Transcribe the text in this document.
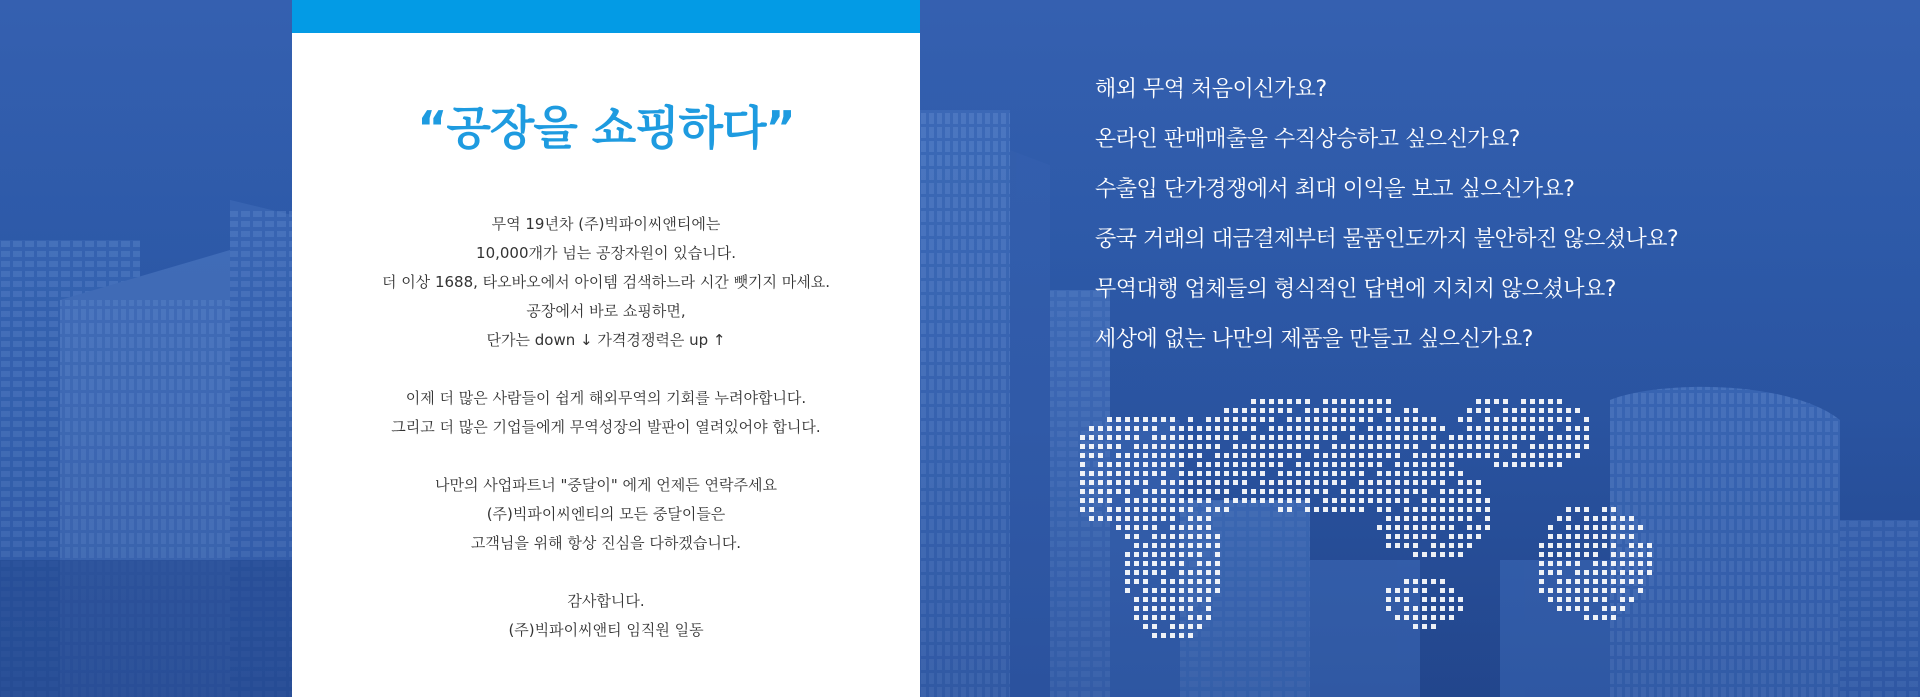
“공장을 쇼핑하다”
무역 19년차 (주)빅파이씨앤티에는
10,000개가 넘는 공장자원이 있습니다.
더 이상 1688, 타오바오에서 아이템 검색하느라 시간 뺏기지 마세요.
공장에서 바로 쇼핑하면,
단가는 down ↓ 가격경쟁력은 up ↑
이제 더 많은 사람들이 쉽게 해외무역의 기회를 누려야합니다.
그리고 더 많은 기업들에게 무역성장의 발판이 열려있어야 합니다.
나만의 사업파트너 "중달이" 에게 언제든 연락주세요
(주)빅파이씨엔티의 모든 중달이들은
고객님을 위해 항상 진심을 다하겠습니다.
감사합니다.
(주)빅파이씨앤티 임직원 일동
해외 무역 처음이신가요?
온라인 판매매출을 수직상승하고 싶으신가요?
수출입 단가경쟁에서 최대 이익을 보고 싶으신가요?
중국 거래의 대금결제부터 물품인도까지 불안하진 않으셨나요?
무역대행 업체들의 형식적인 답변에 지치지 않으셨나요?
세상에 없는 나만의 제품을 만들고 싶으신가요?
